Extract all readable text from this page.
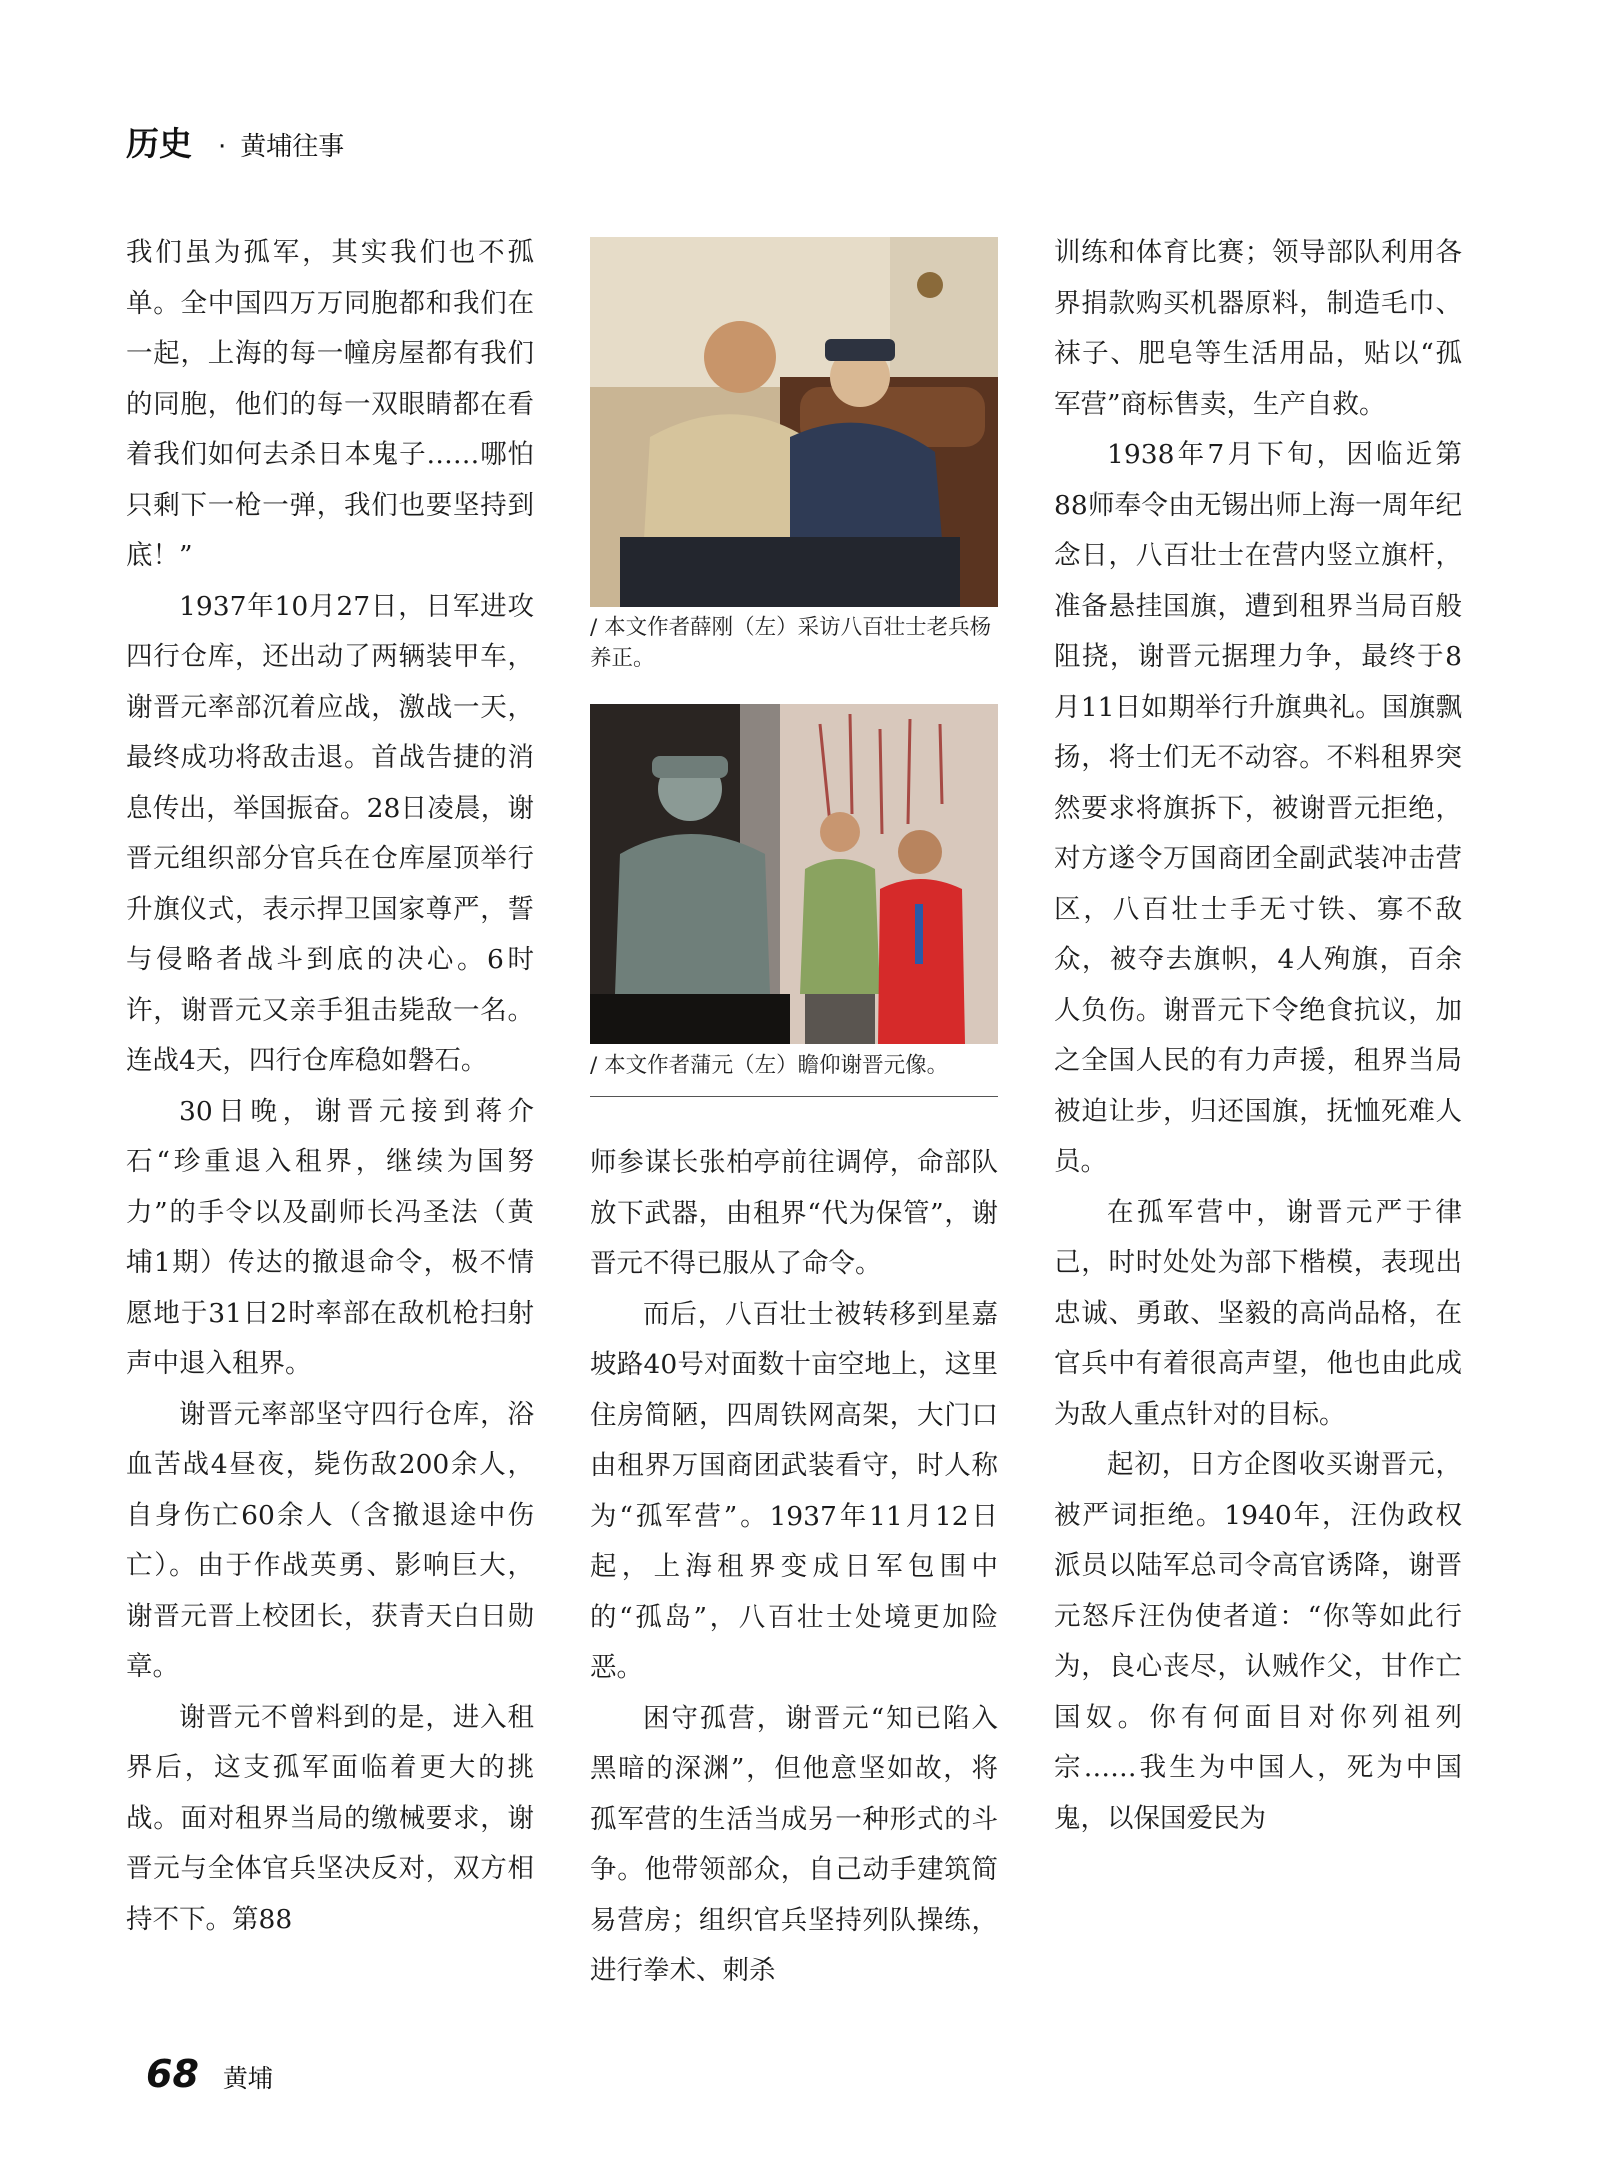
历史 · 黄埔往事

我们虽为孤军，其实我们也不孤单。全中国四万万同胞都和我们在一起，上海的每一幢房屋都有我们的同胞，他们的每一双眼睛都在看着我们如何去杀日本鬼子……哪怕只剩下一枪一弹，我们也要坚持到底！”

1937年10月27日，日军进攻四行仓库，还出动了两辆装甲车，谢晋元率部沉着应战，激战一天，最终成功将敌击退。首战告捷的消息传出，举国振奋。28日凌晨，谢晋元组织部分官兵在仓库屋顶举行升旗仪式，表示捍卫国家尊严，誓与侵略者战斗到底的决心。6时许，谢晋元又亲手狙击毙敌一名。连战4天，四行仓库稳如磐石。

30日晚，谢晋元接到蒋介石“珍重退入租界，继续为国努力”的手令以及副师长冯圣法（黄埔1期）传达的撤退命令，极不情愿地于31日2时率部在敌机枪扫射声中退入租界。

谢晋元率部坚守四行仓库，浴血苦战4昼夜，毙伤敌200余人，自身伤亡60余人（含撤退途中伤亡）。由于作战英勇、影响巨大，谢晋元晋上校团长，获青天白日勋章。

谢晋元不曾料到的是，进入租界后，这支孤军面临着更大的挑战。面对租界当局的缴械要求，谢晋元与全体官兵坚决反对，双方相持不下。第88

/ 本文作者薛刚（左）采访八百壮士老兵杨养正。
/ 本文作者蒲元（左）瞻仰谢晋元像。

师参谋长张柏亭前往调停，命部队放下武器，由租界“代为保管”，谢晋元不得已服从了命令。

而后，八百壮士被转移到星嘉坡路40号对面数十亩空地上，这里住房简陋，四周铁网高架，大门口由租界万国商团武装看守，时人称为“孤军营”。1937年11月12日起，上海租界变成日军包围中的“孤岛”，八百壮士处境更加险恶。

困守孤营，谢晋元“知已陷入黑暗的深渊”，但他意坚如故，将孤军营的生活当成另一种形式的斗争。他带领部众，自己动手建筑简易营房；组织官兵坚持列队操练，进行拳术、刺杀

训练和体育比赛；领导部队利用各界捐款购买机器原料，制造毛巾、袜子、肥皂等生活用品，贴以“孤军营”商标售卖，生产自救。

1938年7月下旬，因临近第88师奉令由无锡出师上海一周年纪念日，八百壮士在营内竖立旗杆，准备悬挂国旗，遭到租界当局百般阻挠，谢晋元据理力争，最终于8月11日如期举行升旗典礼。国旗飘扬，将士们无不动容。不料租界突然要求将旗拆下，被谢晋元拒绝，对方遂令万国商团全副武装冲击营区，八百壮士手无寸铁、寡不敌众，被夺去旗帜，4人殉旗，百余人负伤。谢晋元下令绝食抗议，加之全国人民的有力声援，租界当局被迫让步，归还国旗，抚恤死难人员。

在孤军营中，谢晋元严于律己，时时处处为部下楷模，表现出忠诚、勇敢、坚毅的高尚品格，在官兵中有着很高声望，他也由此成为敌人重点针对的目标。

起初，日方企图收买谢晋元，被严词拒绝。1940年，汪伪政权派员以陆军总司令高官诱降，谢晋元怒斥汪伪使者道：“你等如此行为，良心丧尽，认贼作父，甘作亡国奴。你有何面目对你列祖列宗……我生为中国人，死为中国鬼，以保国爱民为

68 黄埔
